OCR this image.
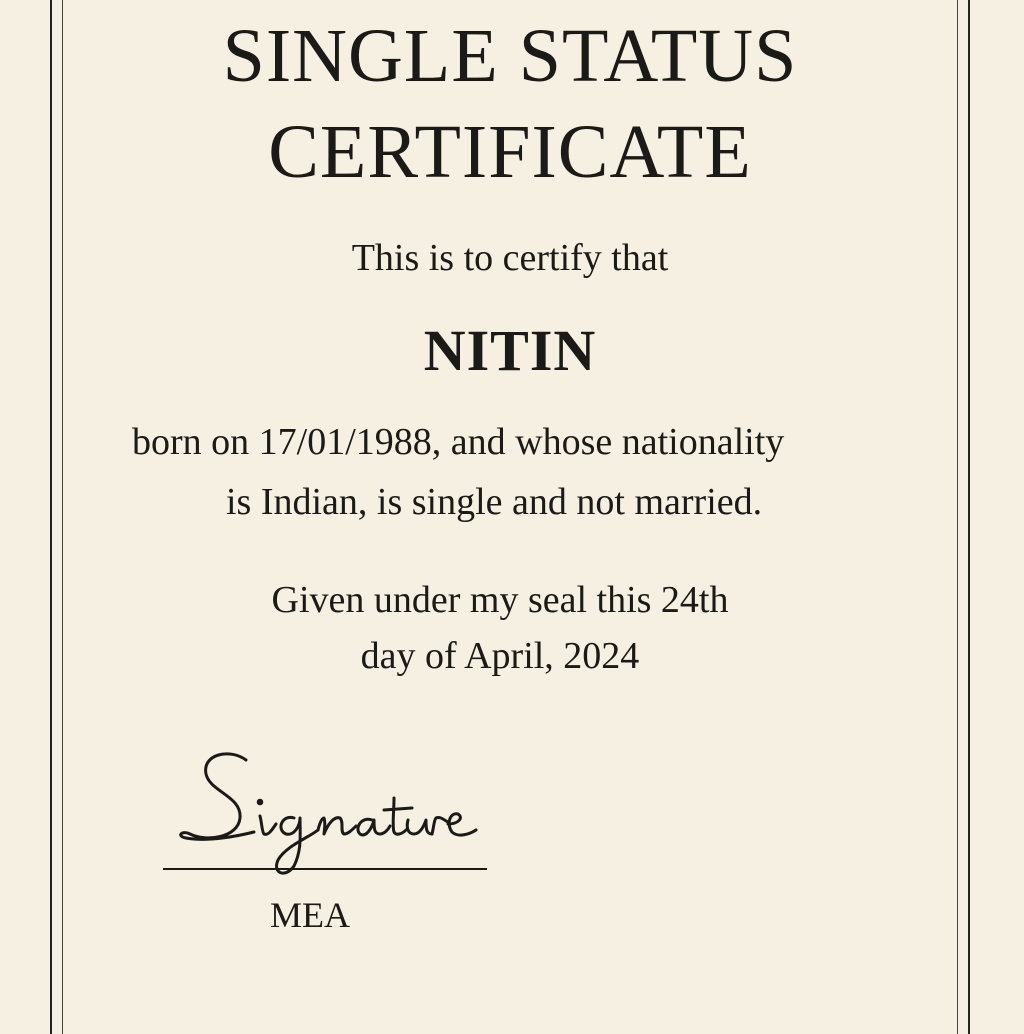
SINGLE STATUS
CERTIFICATE
This is to certify that
NITIN
born on 17/01/1988, and whose nationality
is Indian, is single and not married.
Given under my seal this 24th
day of April, 2024
MEA
